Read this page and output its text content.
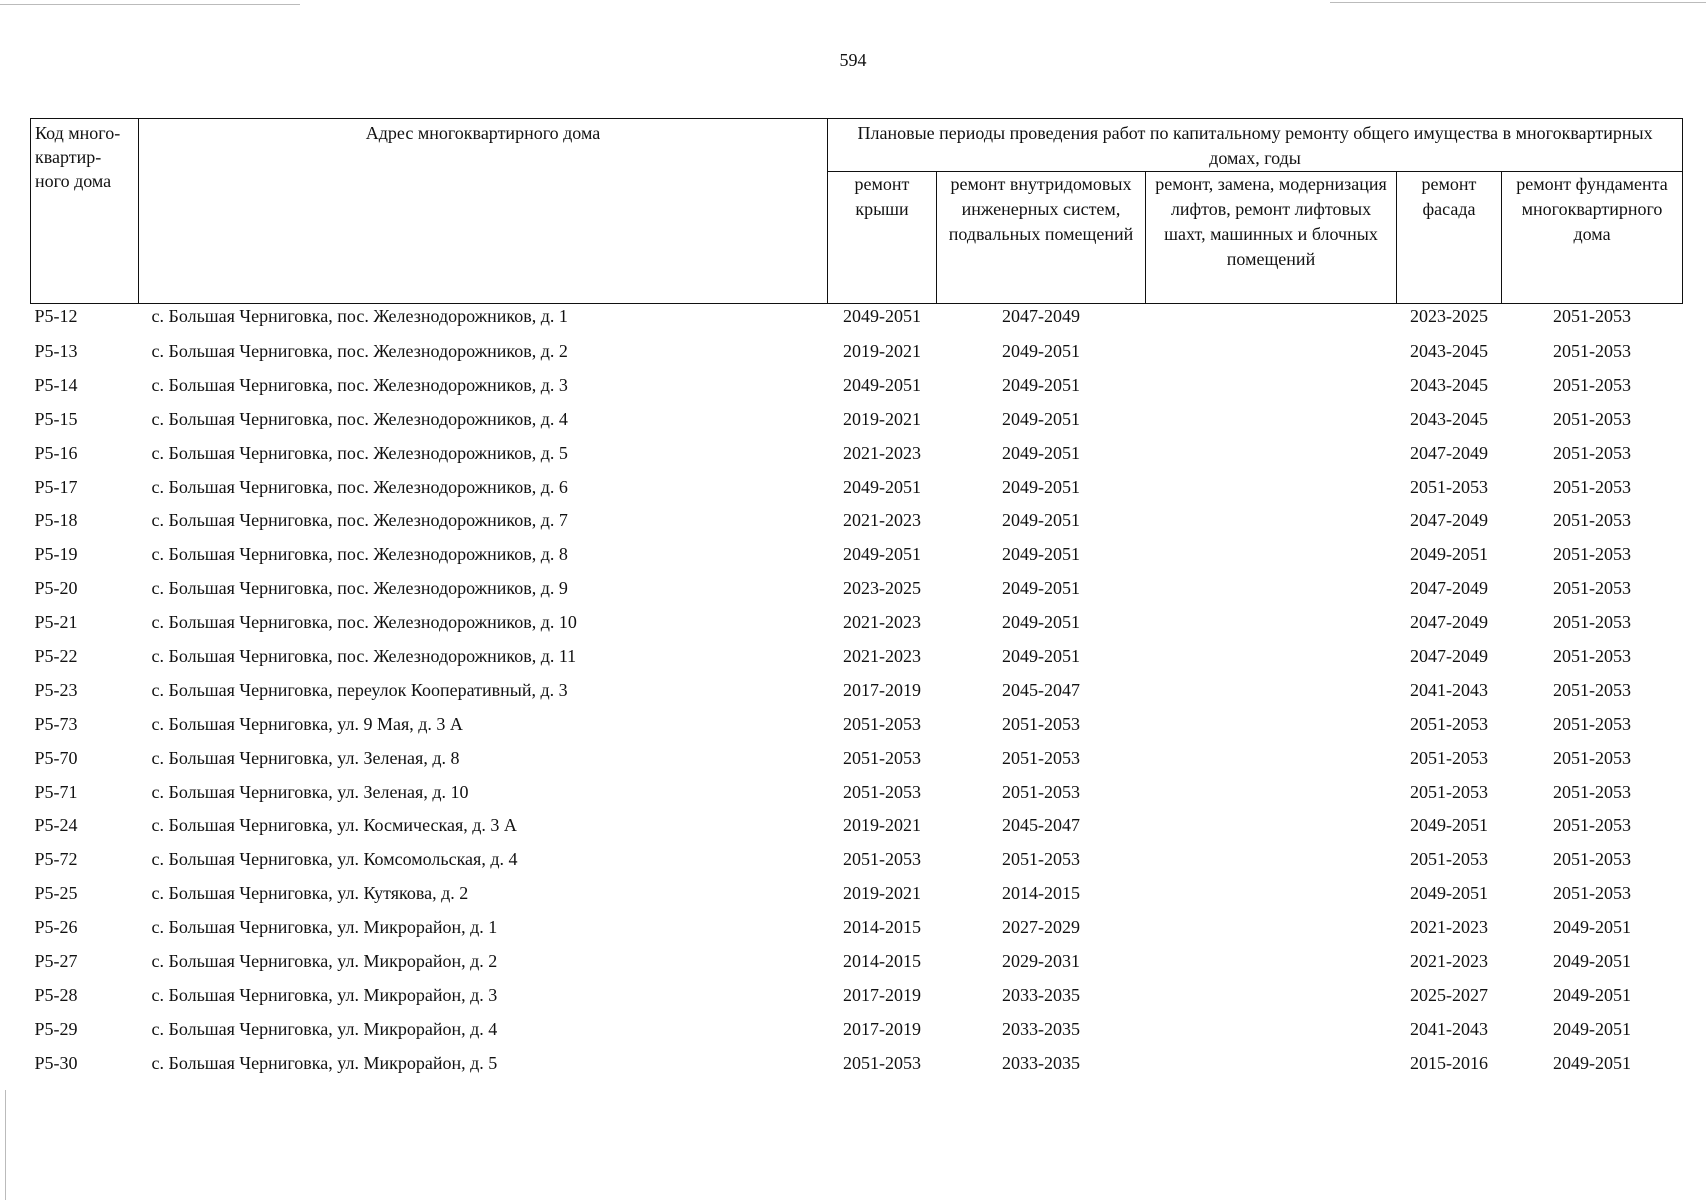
594
Код много-квартир-ного дома	Адрес многоквартирного дома	Плановые периоды проведения работ по капитальному ремонту общего имущества в многоквартирных домах, годы				
		ремонт крыши	ремонт внутридомовых инженерных систем, подвальных помещений	ремонт, замена, модернизация лифтов, ремонт лифтовых шахт, машинных и блочных помещений	ремонт фасада	ремонт фундамента многоквартирного дома
Р5-12	с. Большая Черниговка, пос. Железнодорожников, д. 1	2049-2051	2047-2049		2023-2025	2051-2053
Р5-13	с. Большая Черниговка, пос. Железнодорожников, д. 2	2019-2021	2049-2051		2043-2045	2051-2053
Р5-14	с. Большая Черниговка, пос. Железнодорожников, д. 3	2049-2051	2049-2051		2043-2045	2051-2053
Р5-15	с. Большая Черниговка, пос. Железнодорожников, д. 4	2019-2021	2049-2051		2043-2045	2051-2053
Р5-16	с. Большая Черниговка, пос. Железнодорожников, д. 5	2021-2023	2049-2051		2047-2049	2051-2053
Р5-17	с. Большая Черниговка, пос. Железнодорожников, д. 6	2049-2051	2049-2051		2051-2053	2051-2053
Р5-18	с. Большая Черниговка, пос. Железнодорожников, д. 7	2021-2023	2049-2051		2047-2049	2051-2053
Р5-19	с. Большая Черниговка, пос. Железнодорожников, д. 8	2049-2051	2049-2051		2049-2051	2051-2053
Р5-20	с. Большая Черниговка, пос. Железнодорожников, д. 9	2023-2025	2049-2051		2047-2049	2051-2053
Р5-21	с. Большая Черниговка, пос. Железнодорожников, д. 10	2021-2023	2049-2051		2047-2049	2051-2053
Р5-22	с. Большая Черниговка, пос. Железнодорожников, д. 11	2021-2023	2049-2051		2047-2049	2051-2053
Р5-23	с. Большая Черниговка, переулок Кооперативный, д. 3	2017-2019	2045-2047		2041-2043	2051-2053
Р5-73	с. Большая Черниговка, ул. 9 Мая, д. 3 А	2051-2053	2051-2053		2051-2053	2051-2053
Р5-70	с. Большая Черниговка, ул. Зеленая, д. 8	2051-2053	2051-2053		2051-2053	2051-2053
Р5-71	с. Большая Черниговка, ул. Зеленая, д. 10	2051-2053	2051-2053		2051-2053	2051-2053
Р5-24	с. Большая Черниговка, ул. Космическая, д. 3 А	2019-2021	2045-2047		2049-2051	2051-2053
Р5-72	с. Большая Черниговка, ул. Комсомольская, д. 4	2051-2053	2051-2053		2051-2053	2051-2053
Р5-25	с. Большая Черниговка, ул. Кутякова, д. 2	2019-2021	2014-2015		2049-2051	2051-2053
Р5-26	с. Большая Черниговка, ул. Микрорайон, д. 1	2014-2015	2027-2029		2021-2023	2049-2051
Р5-27	с. Большая Черниговка, ул. Микрорайон, д. 2	2014-2015	2029-2031		2021-2023	2049-2051
Р5-28	с. Большая Черниговка, ул. Микрорайон, д. 3	2017-2019	2033-2035		2025-2027	2049-2051
Р5-29	с. Большая Черниговка, ул. Микрорайон, д. 4	2017-2019	2033-2035		2041-2043	2049-2051
Р5-30	с. Большая Черниговка, ул. Микрорайон, д. 5	2051-2053	2033-2035		2015-2016	2049-2051
